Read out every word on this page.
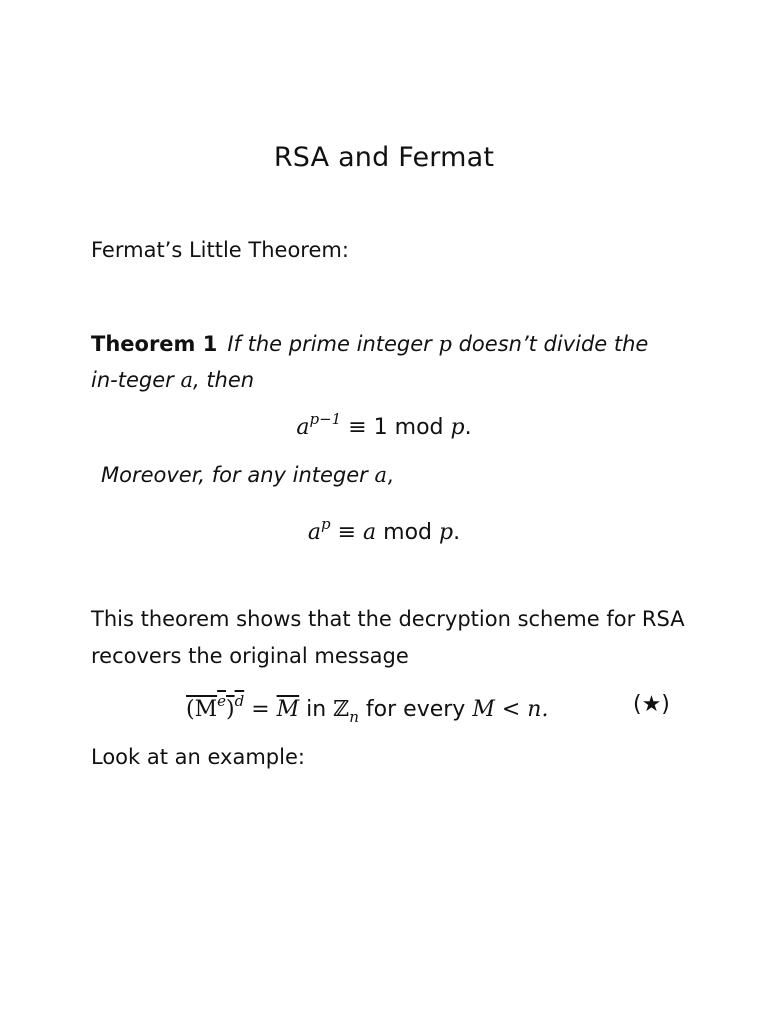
RSA and Fermat
Fermat’s Little Theorem:
Theorem 1 If the prime integer p doesn’t divide the in-teger a, then
$a^{p-1} \equiv 1$ mod p.
Moreover, for any integer a,
$a^p \equiv a$ mod p.
This theorem shows that the decryption scheme for RSA recovers the original message
$(M^e)^d = \overline{M}$ in ℤ$_n$ for every M < n.	(★)
Look at an example:
